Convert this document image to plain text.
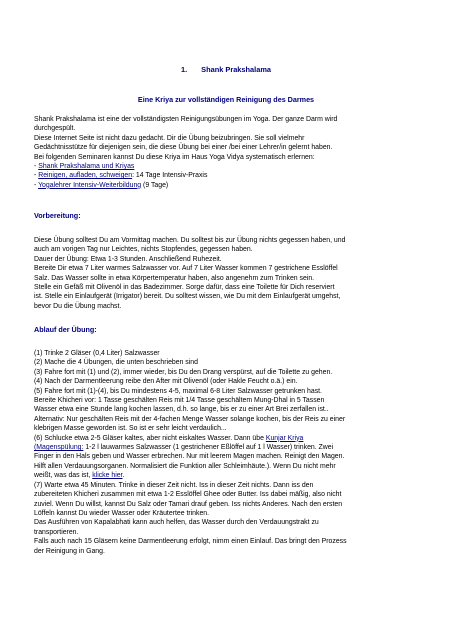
1. Shank Prakshalama
Eine Kriya zur vollständigen Reinigung des Darmes
Shank Prakshalama ist eine der vollständigsten Reinigungsübungen im Yoga. Der ganze Darm wird
durchgespült.
Diese Internet Seite ist nicht dazu gedacht. Dir die Übung beizubringen. Sie soll vielmehr
Gedächtnisstütze für diejenigen sein, die diese Übung bei einer /bei einer Lehrer/in gelernt haben.
Bei folgenden Seminaren kannst Du diese Kriya im Haus Yoga Vidya systematisch erlernen:
- Shank Prakshalama und Kriyas
- Reinigen, aufladen, schweigen: 14 Tage Intensiv-Praxis
- Yogalehrer Intensiv-Weiterbildung (9 Tage)
Vorbereitung:
Diese Übung solltest Du am Vormittag machen. Du solltest bis zur Übung nichts gegessen haben, und
auch am vorigen Tag nur Leichtes, nichts Stopfendes, gegessen haben.
Dauer der Übung: Etwa 1-3 Stunden. Anschließend Ruhezeit.
Bereite Dir etwa 7 Liter warmes Salzwasser vor. Auf 7 Liter Wasser kommen 7 gestrichene Esslöffel
Salz. Das Wasser sollte in etwa Körpertemperatur haben, also angenehm zum Trinken sein.
Stelle ein Gefäß mit Olivenöl in das Badezimmer. Sorge dafür, dass eine Toilette für Dich reserviert
ist. Stelle ein Einlaufgerät (Irrigator) bereit. Du solltest wissen, wie Du mit dem Einlaufgerät umgehst,
bevor Du die Übung machst.
Ablauf der Übung:
(1) Trinke 2 Gläser (0,4 Liter) Salzwasser
(2) Mache die 4 Übungen, die unten beschrieben sind
(3) Fahre fort mit (1) und (2), immer wieder, bis Du den Drang verspürst, auf die Toilette zu gehen.
(4) Nach der Darmentleerung reibe den After mit Olivenöl (oder Hakle Feucht o.ä.) ein.
(5) Fahre fort mit (1)-(4), bis Du mindestens 4-5, maximal 6-8 Liter Salzwasser getrunken hast.
Bereite Khicheri vor: 1 Tasse geschälten Reis mit 1/4 Tasse geschältem Mung-Dhal in 5 Tassen
Wasser etwa eine Stunde lang kochen lassen, d.h. so lange, bis er zu einer Art Brei zerfallen ist..
Alternativ: Nur geschälten Reis mit der 4-fachen Menge Wasser solange kochen, bis der Reis zu einer
klebrigen Masse geworden ist. So ist er sehr leicht verdaulich...
(6) Schlucke etwa 2-5 Gläser kaltes, aber nicht eiskaltes Wasser. Dann übe Kunjar Kriya
(Magenspülung: 1-2 l lauwarmes Salzwasser (1 gestrichener Eßlöffel auf 1 l Wasser) trinken. Zwei
Finger in den Hals geben und Wasser erbrechen. Nur mit leerem Magen machen. Reinigt den Magen.
Hilft allen Verdauungsorganen. Normalisiert die Funktion aller Schleimhäute.). Wenn Du nicht mehr
weißt, was das ist, klicke hier.
(7) Warte etwa 45 Minuten. Trinke in dieser Zeit nicht. Iss in dieser Zeit nichts. Dann iss den
zubereiteten Khicheri zusammen mit etwa 1-2 Esslöffel Ghee oder Butter. Iss dabei mäßig, also nicht
zuviel. Wenn Du willst, kannst Du Salz oder Tamari drauf geben. Iss nichts Anderes. Nach den ersten
Löffeln kannst Du wieder Wasser oder Kräutertee trinken.
Das Ausführen von Kapalabhati kann auch helfen, das Wasser durch den Verdauungstrakt zu
transportieren.
Falls auch nach 15 Gläsern keine Darmentleerung erfolgt, nimm einen Einlauf. Das bringt den Prozess
der Reinigung in Gang.
